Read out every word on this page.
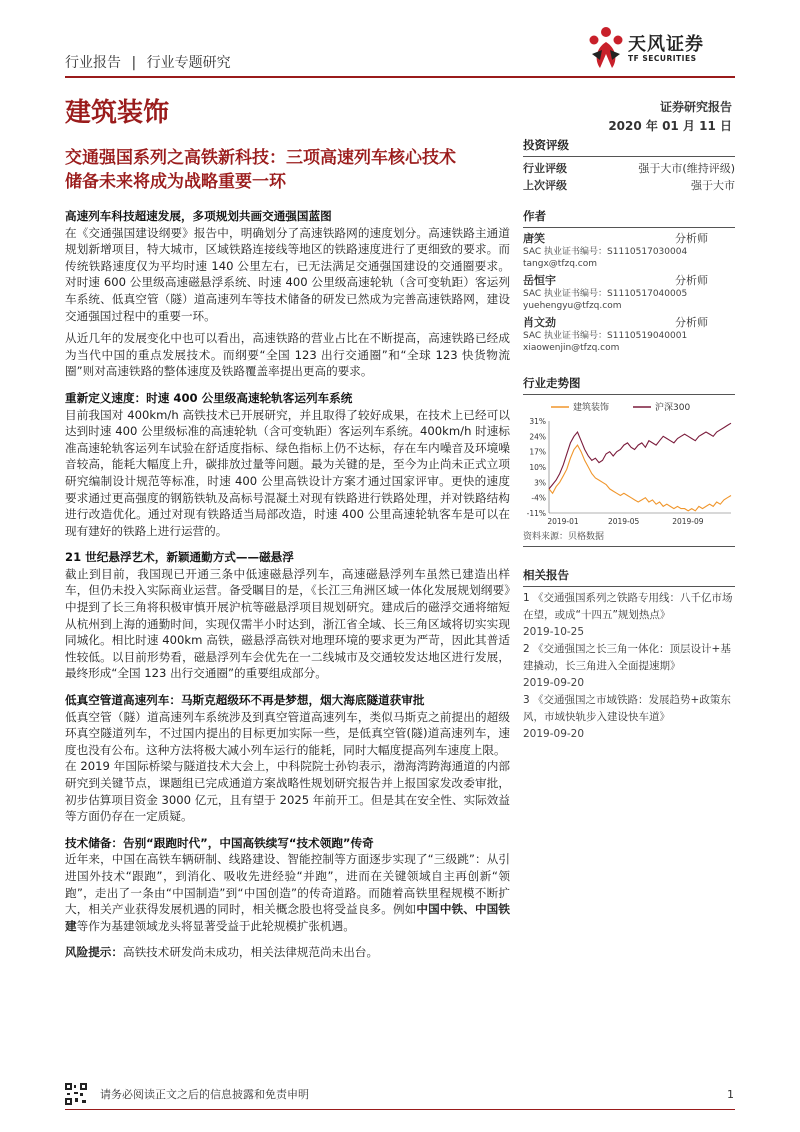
行业报告 | 行业专题研究
天风证券
TF SECURITIES
建筑装饰	证券研究报告
2020 年 01 月 11 日
交通强国系列之高铁新科技：三项高速列车核心技术
储备未来将成为战略重要一环
高速列车科技超速发展，多项规划共画交通强国蓝图

在《交通强国建设纲要》报告中，明确划分了高速铁路网的速度划分。高速铁路主通道规划新增项目，特大城市，区域铁路连接线等地区的铁路速度进行了更细致的要求。而传统铁路速度仅为平均时速 140 公里左右，已无法满足交通强国建设的交通圈要求。对时速 600 公里级高速磁悬浮系统、时速 400 公里级高速轮轨（含可变轨距）客运列车系统、低真空管（隧）道高速列车等技术储备的研发已然成为完善高速铁路网，建设交通强国过程中的重要一环。

从近几年的发展变化中也可以看出，高速铁路的营业占比在不断提高，高速铁路已经成为当代中国的重点发展技术。而纲要“全国 123 出行交通圈”和“全球 123 快货物流圈”则对高速铁路的整体速度及铁路覆盖率提出更高的要求。

重新定义速度：时速 400 公里级高速轮轨客运列车系统

目前我国对 400km/h 高铁技术已开展研究，并且取得了较好成果，在技术上已经可以达到时速 400 公里级标准的高速轮轨（含可变轨距）客运列车系统。400km/h 时速标准高速轮轨客运列车试验在舒适度指标、绿色指标上仍不达标，存在车内噪音及环境噪音较高，能耗大幅度上升，碳排放过量等问题。最为关键的是，至今为止尚未正式立项研究编制设计规范等标准，时速 400 公里高铁设计方案才通过国家评审。更快的速度要求通过更高强度的钢筋铁轨及高标号混凝土对现有铁路进行铁路处理，并对铁路结构进行改造优化。通过对现有铁路适当局部改造，时速 400 公里高速轮轨客车是可以在现有建好的铁路上进行运营的。

21 世纪悬浮艺术，新颖通勤方式——磁悬浮

截止到目前，我国现已开通三条中低速磁悬浮列车，高速磁悬浮列车虽然已建造出样车，但仍未投入实际商业运营。备受瞩目的是，《长江三角洲区域一体化发展规划纲要》中提到了长三角将积极审慎开展沪杭等磁悬浮项目规划研究。建成后的磁浮交通将缩短从杭州到上海的通勤时间，实现仅需半小时达到，浙江省全域、长三角区域将切实实现同城化。相比时速 400km 高铁，磁悬浮高铁对地理环境的要求更为严苛，因此其普适性较低。以目前形势看，磁悬浮列车会优先在一二线城市及交通较发达地区进行发展，最终形成“全国 123 出行交通圈”的重要组成部分。

低真空管道高速列车：马斯克超级环不再是梦想，烟大海底隧道获审批

低真空管（隧）道高速列车系统涉及到真空管道高速列车，类似马斯克之前提出的超级环真空隧道列车，不过国内提出的目标更加实际一些，是低真空管(隧)道高速列车，速度也没有公布。这种方法将极大减小列车运行的能耗，同时大幅度提高列车速度上限。

在 2019 年国际桥梁与隧道技术大会上，中科院院士孙钧表示，渤海湾跨海通道的内部研究到关键节点，课题组已完成通道方案战略性规划研究报告并上报国家发改委审批，初步估算项目资金 3000 亿元，且有望于 2025 年前开工。但是其在安全性、实际效益等方面仍存在一定质疑。

技术储备：告别“跟跑时代”，中国高铁续写“技术领跑”传奇

近年来，中国在高铁车辆研制、线路建设、智能控制等方面逐步实现了“三级跳”：从引进国外技术“跟跑”，到消化、吸收先进经验“并跑”，进而在关键领域自主再创新“领跑”，走出了一条由“中国制造”到“中国创造”的传奇道路。而随着高铁里程规模不断扩大，相关产业获得发展机遇的同时，相关概念股也将受益良多。例如中国中铁、中国铁建等作为基建领域龙头将显著受益于此轮规模扩张机遇。

风险提示：高铁技术研发尚未成功，相关法律规范尚未出台。

投资评级
行业评级	强于大市(维持评级)
上次评级	强于大市
作者
唐笑	分析师
SAC 执业证书编号：S1110517030004
tangx@tfzq.com
岳恒宇	分析师
SAC 执业证书编号：S1110517040005
yuehengyu@tfzq.com
肖文劲	分析师
SAC 执业证书编号：S1110519040001
xiaowenjin@tfzq.com
行业走势图
建筑装饰	沪深300
31%
24%
17%
10%
3%
-4%
-11%
2019-01	2019-05	2019-09
资料来源：贝格数据
相关报告
1 《交通强国系列之铁路专用线：八千亿市场在望，或成“十四五”规划热点》
2019-10-25
2 《交通强国之长三角一体化：顶层设计+基建撬动，长三角进入全面提速期》
2019-09-20
3 《交通强国之市域铁路：发展趋势+政策东风，市域快轨步入建设快车道》
2019-09-20
请务必阅读正文之后的信息披露和免责申明	1
